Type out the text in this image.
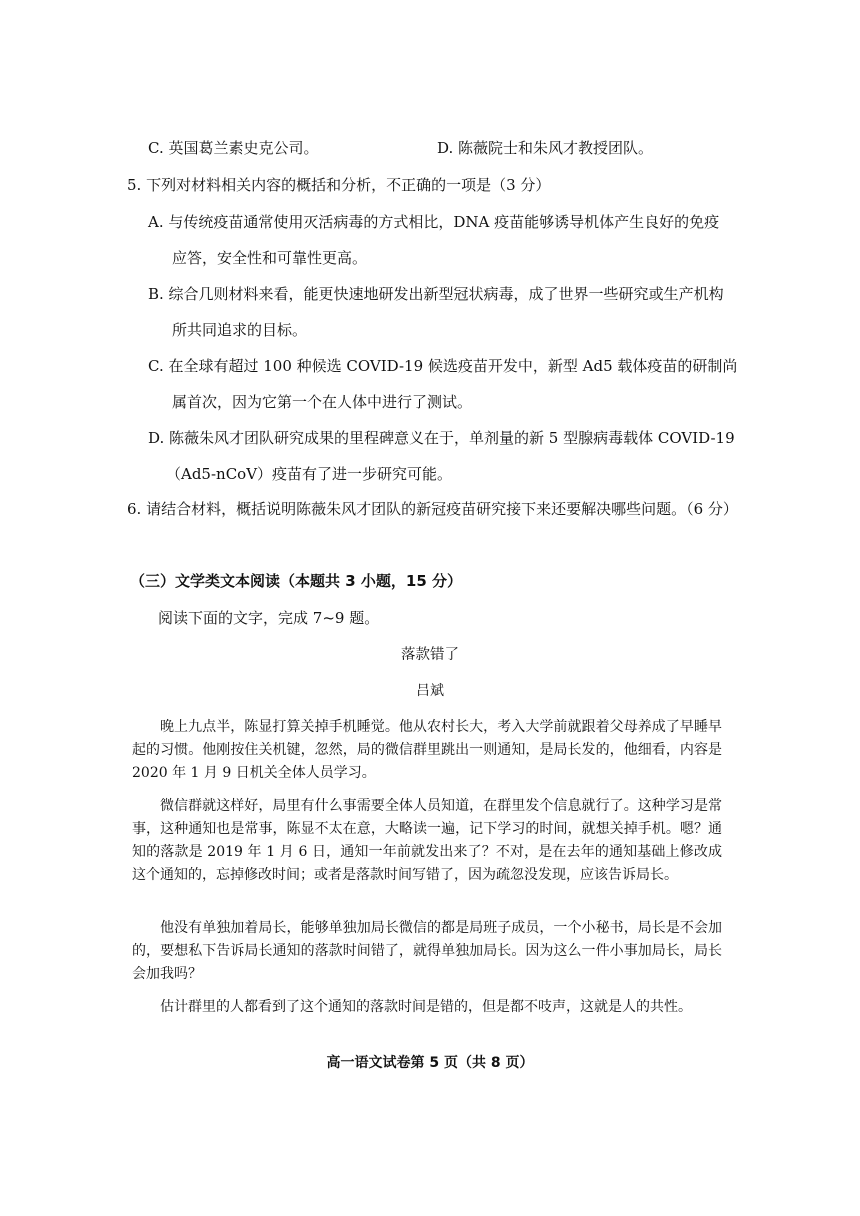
C. 英国葛兰素史克公司。	D. 陈薇院士和朱风才教授团队。
5. 下列对材料相关内容的概括和分析，不正确的一项是（3 分）
A. 与传统疫苗通常使用灭活病毒的方式相比，DNA 疫苗能够诱导机体产生良好的免疫
应答，安全性和可靠性更高。
B. 综合几则材料来看，能更快速地研发出新型冠状病毒，成了世界一些研究或生产机构
所共同追求的目标。
C. 在全球有超过 100 种候选 COVID-19 候选疫苗开发中，新型 Ad5 载体疫苗的研制尚
属首次，因为它第一个在人体中进行了测试。
D. 陈薇朱风才团队研究成果的里程碑意义在于，单剂量的新 5 型腺病毒载体 COVID-19
（Ad5-nCoV）疫苗有了进一步研究可能。
6. 请结合材料，概括说明陈薇朱风才团队的新冠疫苗研究接下来还要解决哪些问题。（6 分）
（三）文学类文本阅读（本题共 3 小题，15 分）
阅读下面的文字，完成 7~9 题。
落款错了
吕斌
晚上九点半，陈显打算关掉手机睡觉。他从农村长大，考入大学前就跟着父母养成了早睡早起的习惯。他刚按住关机键，忽然，局的微信群里跳出一则通知，是局长发的，他细看，内容是 2020 年 1 月 9 日机关全体人员学习。
微信群就这样好，局里有什么事需要全体人员知道，在群里发个信息就行了。这种学习是常事，这种通知也是常事，陈显不太在意，大略读一遍，记下学习的时间，就想关掉手机。嗯？通知的落款是 2019 年 1 月 6 日，通知一年前就发出来了？不对，是在去年的通知基础上修改成这个通知的，忘掉修改时间；或者是落款时间写错了，因为疏忽没发现，应该告诉局长。
他没有单独加着局长，能够单独加局长微信的都是局班子成员，一个小秘书，局长是不会加的，要想私下告诉局长通知的落款时间错了，就得单独加局长。因为这么一件小事加局长，局长会加我吗？
估计群里的人都看到了这个通知的落款时间是错的，但是都不吱声，这就是人的共性。
高一语文试卷第 5 页（共 8 页）
